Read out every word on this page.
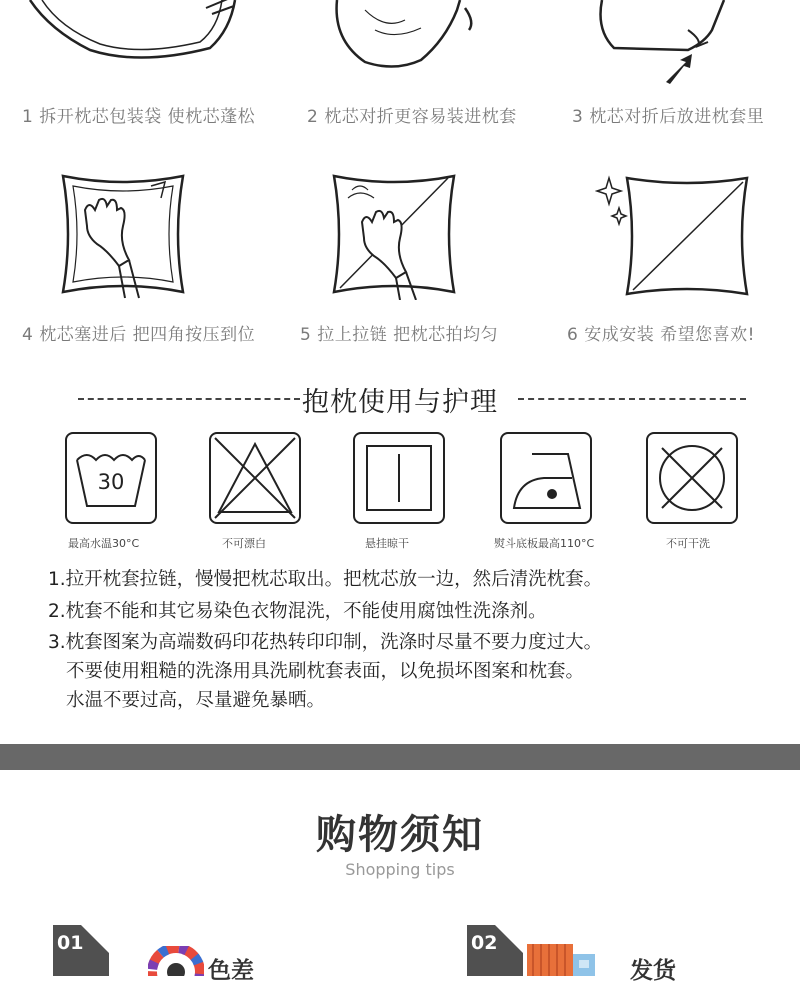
1 拆开枕芯包装袋 使枕芯蓬松	2 枕芯对折更容易装进枕套	3 枕芯对折后放进枕套里
4 枕芯塞进后 把四角按压到位	5 拉上拉链 把枕芯拍均匀	6 安成安装 希望您喜欢!
抱枕使用与护理
30
最高水温30°C	不可漂白	悬挂晾干	熨斗底板最高110°C	不可干洗
1.拉开枕套拉链，慢慢把枕芯取出。把枕芯放一边，然后清洗枕套。
2.枕套不能和其它易染色衣物混洗，不能使用腐蚀性洗涤剂。
3.枕套图案为高端数码印花热转印印制，洗涤时尽量不要力度过大。
不要使用粗糙的洗涤用具洗刷枕套表面，以免损坏图案和枕套。
水温不要过高，尽量避免暴晒。
购物须知
Shopping tips
01
色差
02
发货
